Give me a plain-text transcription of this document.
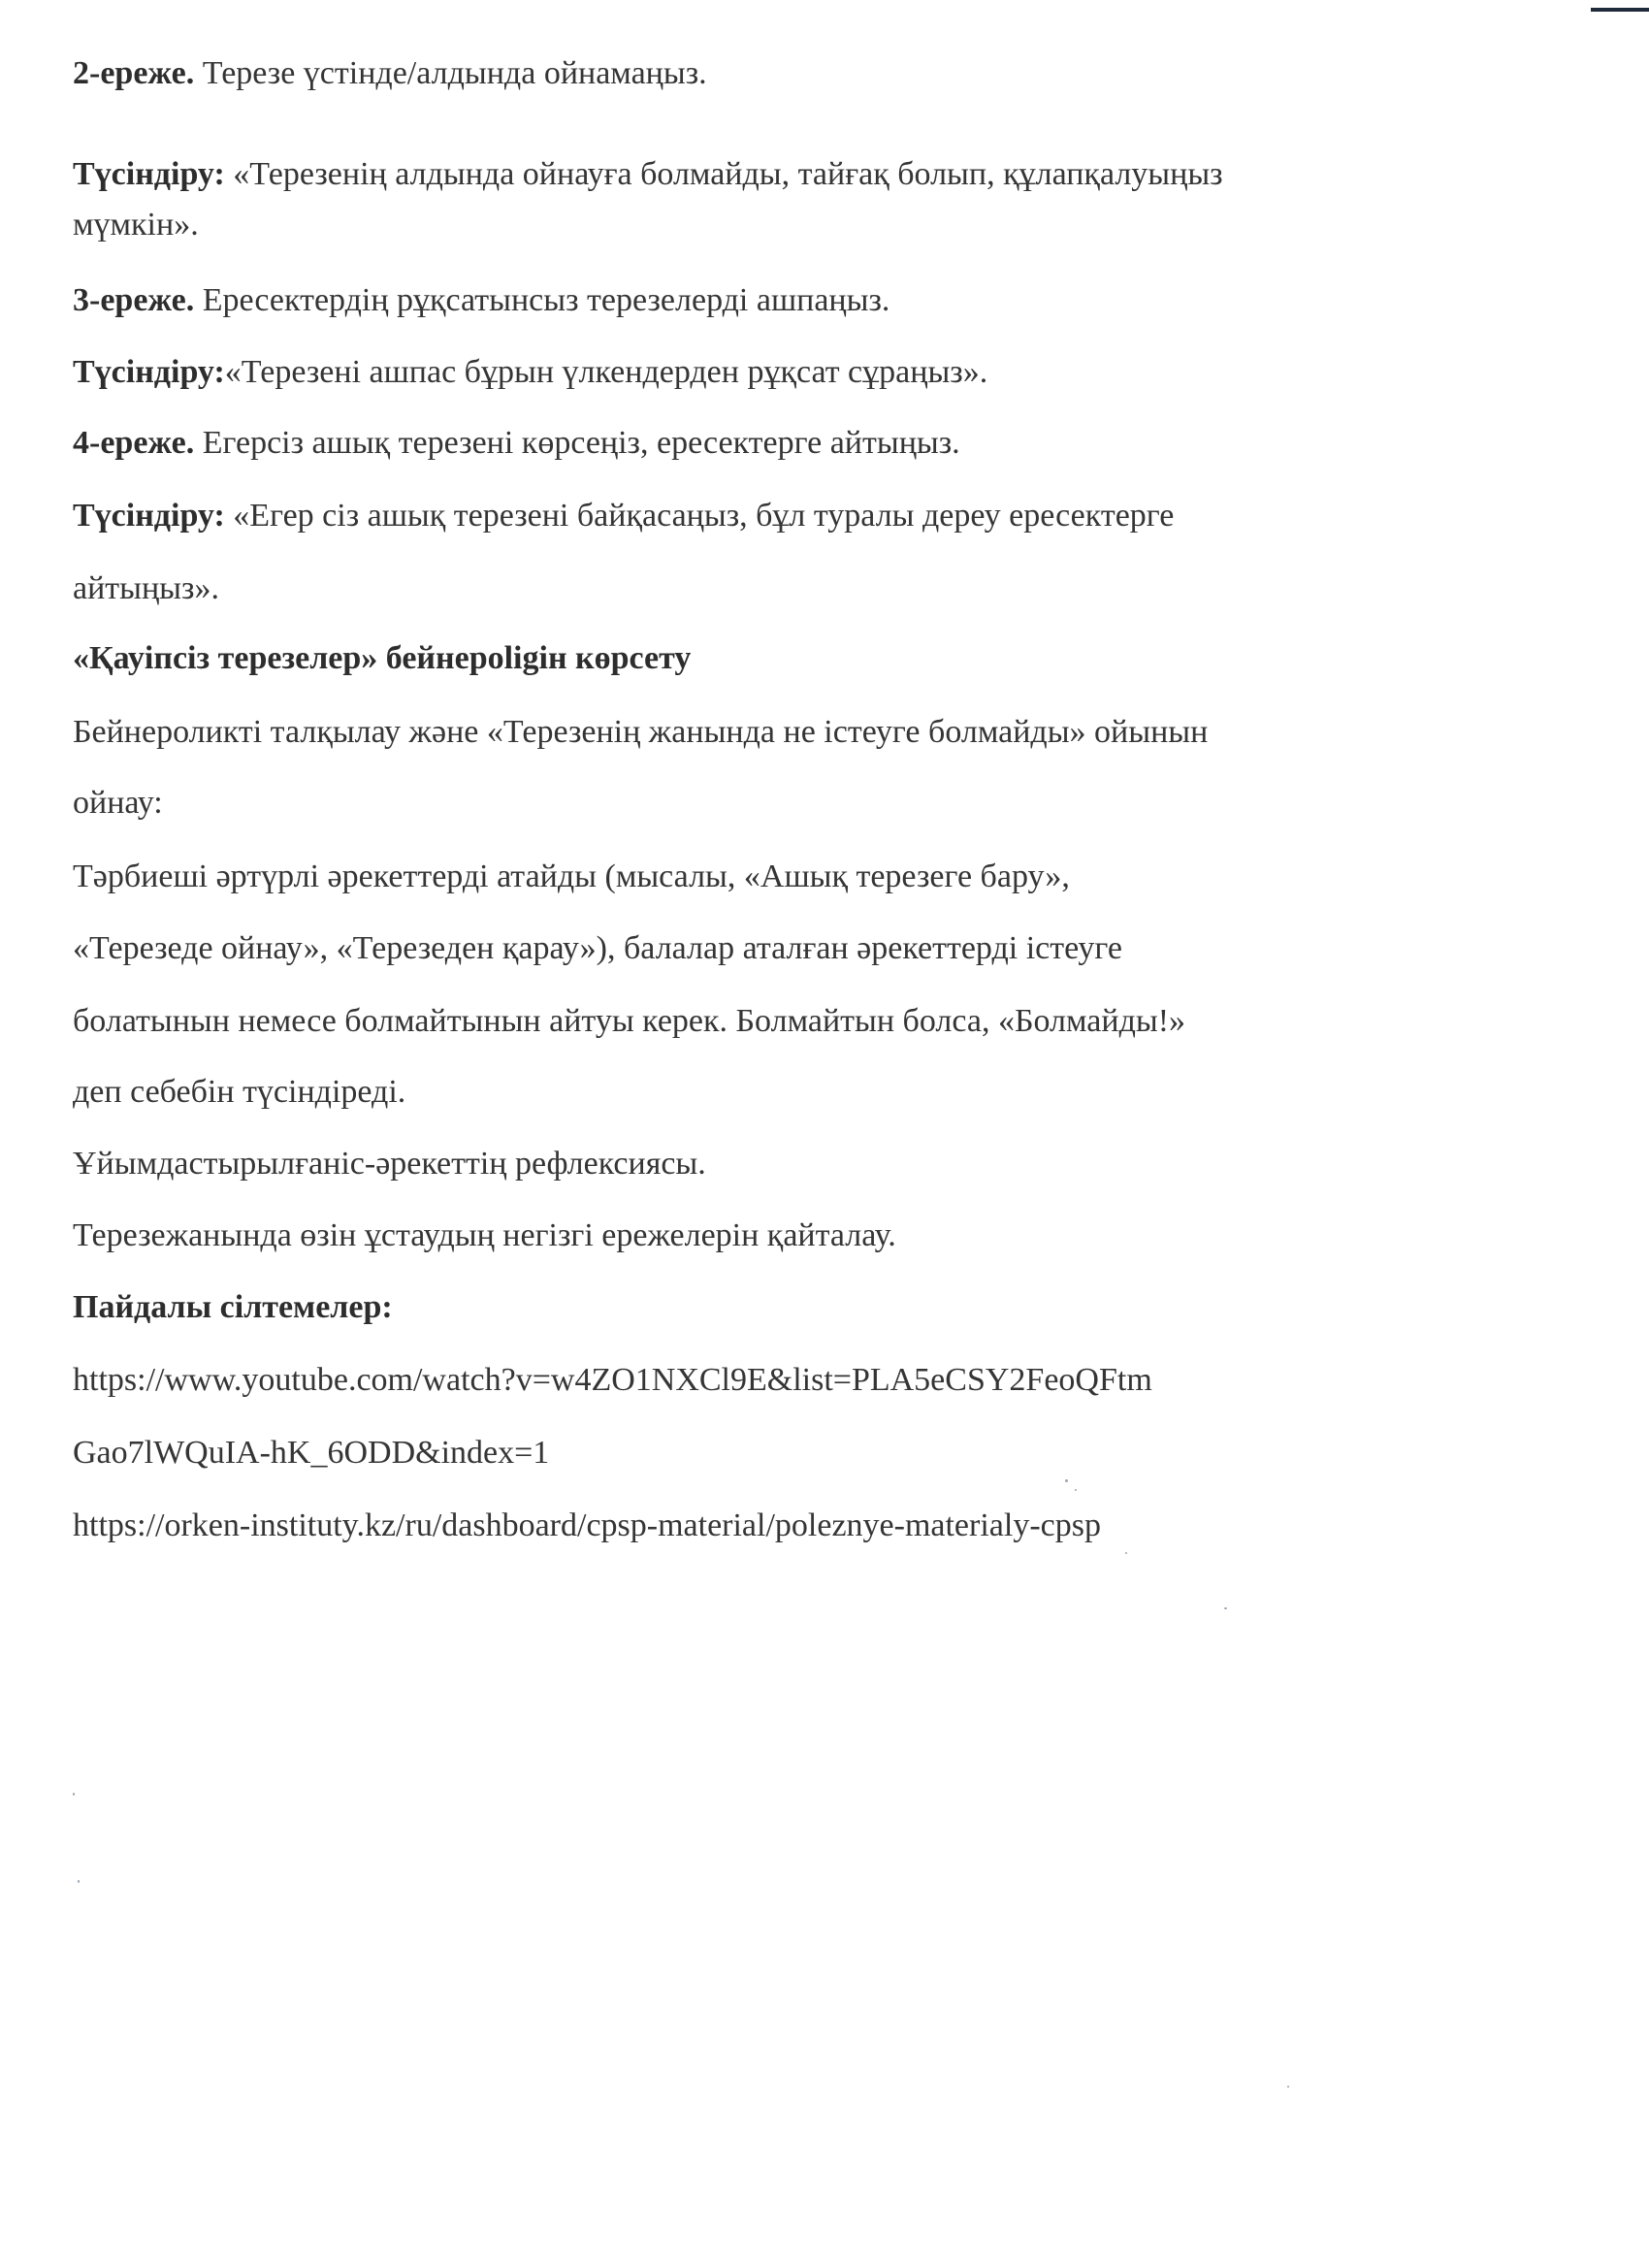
2-ереже. Терезе үстінде/алдында ойнамаңыз.
Түсіндіру: «Терезенің алдында ойнауға болмайды, тайғақ болып, құлапқалуыңыз
мүмкін».
3-ереже. Ересектердің рұқсатынсыз терезелерді ашпаңыз.
Түсіндіру:«Терезені ашпас бұрын үлкендерден рұқсат сұраңыз».
4-ереже. Егерсіз ашық терезені көрсеңіз, ересектерге айтыңыз.
Түсіндіру: «Егер сіз ашық терезені байқасаңыз, бұл туралы дереу ересектерге
айтыңыз».
«Қауіпсіз терезелер» бейнероligін көрсету
Бейнероликті талқылау және «Терезенің жанында не істеуге болмайды» ойынын
ойнау:
Тәрбиеші әртүрлі әрекеттерді атайды (мысалы, «Ашық терезеге бару»,
«Терезеде ойнау», «Терезеден қарау»), балалар аталған әрекеттерді істеуге
болатынын немесе болмайтынын айтуы керек. Болмайтын болса, «Болмайды!»
деп себебін түсіндіреді.
Ұйымдастырылғаніс-әрекеттің рефлексиясы.
Терезежанында өзін ұстаудың негізгі ережелерін қайталау.
Пайдалы сілтемелер:
https://www.youtube.com/watch?v=w4ZO1NXCl9E&list=PLA5eCSY2FeoQFtm
Gao7lWQuIA-hK_6ODD&index=1
https://orken-instituty.kz/ru/dashboard/cpsp-material/poleznye-materialy-cpsp
